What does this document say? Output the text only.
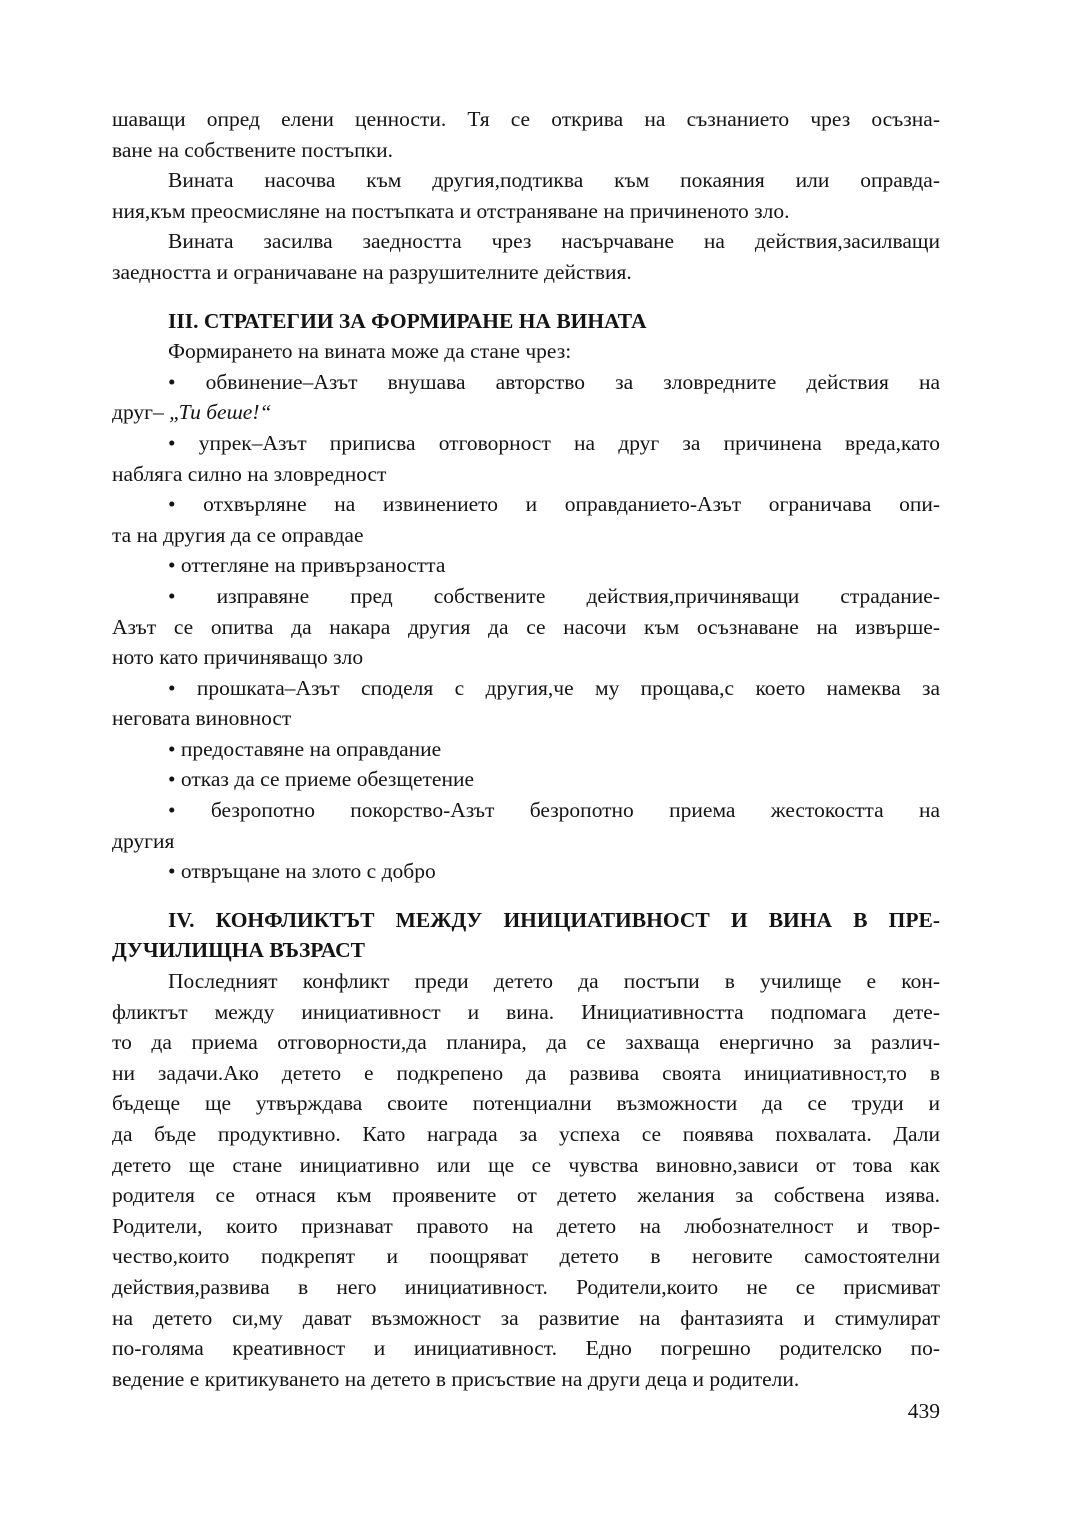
шаващи опред елени ценности. Тя се открива на съзнанието чрез осъзна-
ване на собствените постъпки.
Вината насочва към другия,подтиква към покаяния или оправда-
ния,към преосмисляне на постъпката и отстраняване на причиненото зло.
Вината засилва заедността чрез насърчаване на действия,засилващи
заедността и ограничаване на разрушителните действия.
III. СТРАТЕГИИ ЗА ФОРМИРАНЕ НА ВИНАТА
Формирането на вината може да стане чрез:
• обвинение–Азът внушава авторство за зловредните действия на
друг– „Ти беше!“
• упрек–Азът приписва отговорност на друг за причинена вреда,като
набляга силно на зловредност
• отхвърляне на извинението и оправданието-Азът ограничава опи-
та на другия да се оправдае
• оттегляне на привързаността
• изправяне пред собствените действия,причиняващи страдание-
Азът се опитва да накара другия да се насочи към осъзнаване на извърше-
ното като причиняващо зло
• прошката–Азът споделя с другия,че му прощава,с което намеква за
неговата виновност
• предоставяне на оправдание
• отказ да се приеме обезщетение
• безропотно покорство-Азът безропотно приема жестокостта на
другия
• отвръщане на злото с добро
IV. КОНФЛИКТЪТ МЕЖДУ ИНИЦИАТИВНОСТ И ВИНА В ПРЕ-
ДУЧИЛИЩНА ВЪЗРАСТ
Последният конфликт преди детето да постъпи в училище е кон-
фликтът между инициативност и вина. Инициативността подпомага дете-
то да приема отговорности,да планира, да се захваща енергично за различ-
ни задачи.Ако детето е подкрепено да развива своята инициативност,то в
бъдеще ще утвърждава своите потенциални възможности да се труди и
да бъде продуктивно. Като награда за успеха се появява похвалата. Дали
детето ще стане инициативно или ще се чувства виновно,зависи от това как
родителя се отнася към проявените от детето желания за собствена изява.
Родители, които признават правото на детето на любознателност и твор-
чество,които подкрепят и поощряват детето в неговите самостоятелни
действия,развива в него инициативност. Родители,които не се присмиват
на детето си,му дават възможност за развитие на фантазията и стимулират
по-голяма креативност и инициативност. Едно погрешно родителско по-
ведение е критикуването на детето в присъствие на други деца и родители.
439
